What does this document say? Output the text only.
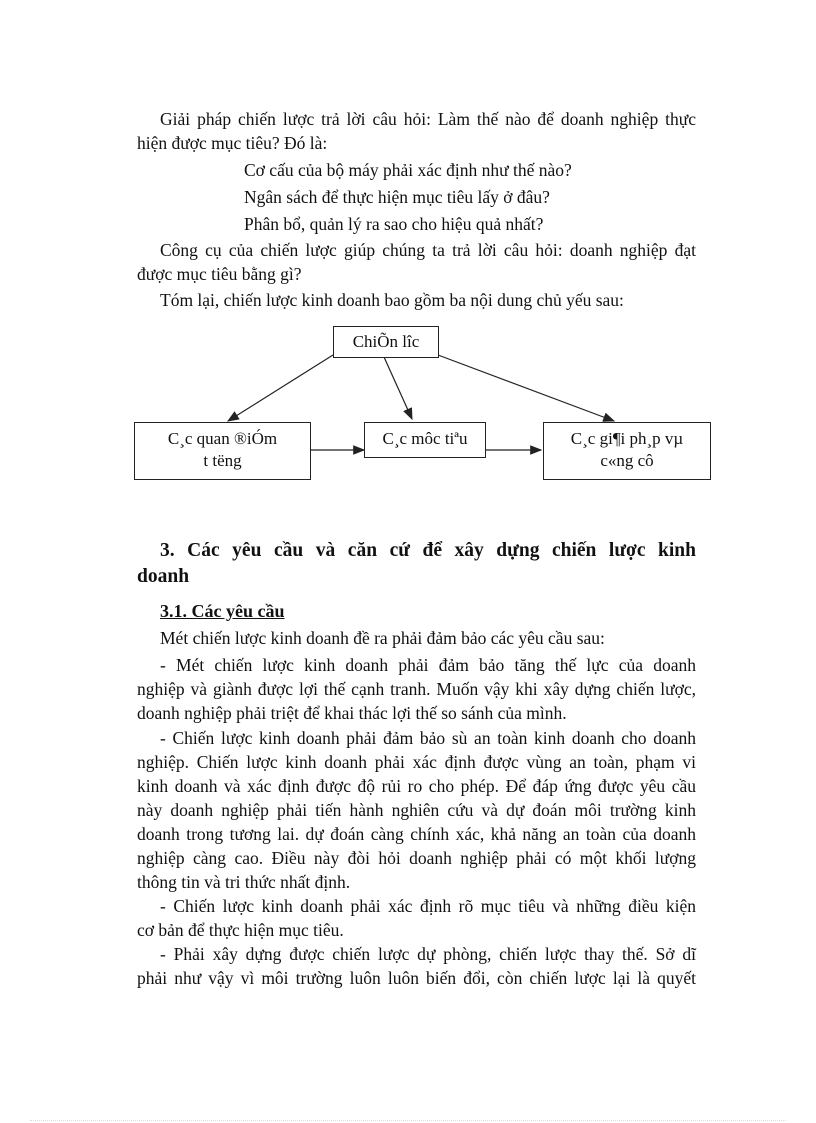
Giải pháp chiến lược trả lời câu hỏi: Làm thế nào để doanh nghiệp thực
hiện được mục tiêu? Đó là:
Cơ cấu của bộ máy phải xác định như thế nào?
Ngân sách để thực hiện mục tiêu lấy ở đâu?
Phân bổ, quản lý ra sao cho hiệu quả nhất?
Công cụ của chiến lược giúp chúng ta trả lời câu hỏi: doanh nghiệp đạt
được mục tiêu bằng gì?
Tóm lại, chiến lược kinh doanh bao gồm ba nội dung chủ yếu sau:
ChiÕn lîc
C¸c quan ®iÓm
t tëng
C¸c môc tiªu	C¸c gi¶i ph¸p vµ
c«ng cô
3. Các yêu cầu và căn cứ để xây dựng chiến lược kinh
doanh
3.1. Các yêu cầu
Mét chiến lược kinh doanh đề ra phải đảm bảo các yêu cầu sau:
- Mét chiến lược kinh doanh phải đảm bảo tăng thế lực của doanh
nghiệp và giành được lợi thế cạnh tranh. Muốn vậy khi xây dựng chiến lược,
doanh nghiệp phải triệt để khai thác lợi thế so sánh của mình.
- Chiến lược kinh doanh phải đảm bảo sù an toàn kinh doanh cho doanh
nghiệp. Chiến lược kinh doanh phải xác định được vùng an toàn, phạm vi
kinh doanh và xác định được độ rủi ro cho phép. Để đáp ứng được yêu cầu
này doanh nghiệp phải tiến hành nghiên cứu và dự đoán môi trường kinh
doanh trong tương lai. dự đoán càng chính xác, khả năng an toàn của doanh
nghiệp càng cao. Điều này đòi hỏi doanh nghiệp phải có một khối lượng
thông tin và tri thức nhất định.
- Chiến lược kinh doanh phải xác định rõ mục tiêu và những điều kiện
cơ bản để thực hiện mục tiêu.
- Phải xây dựng được chiến lược dự phòng, chiến lược thay thế. Sở dĩ
phải như vậy vì môi trường luôn luôn biến đổi, còn chiến lược lại là quyết
